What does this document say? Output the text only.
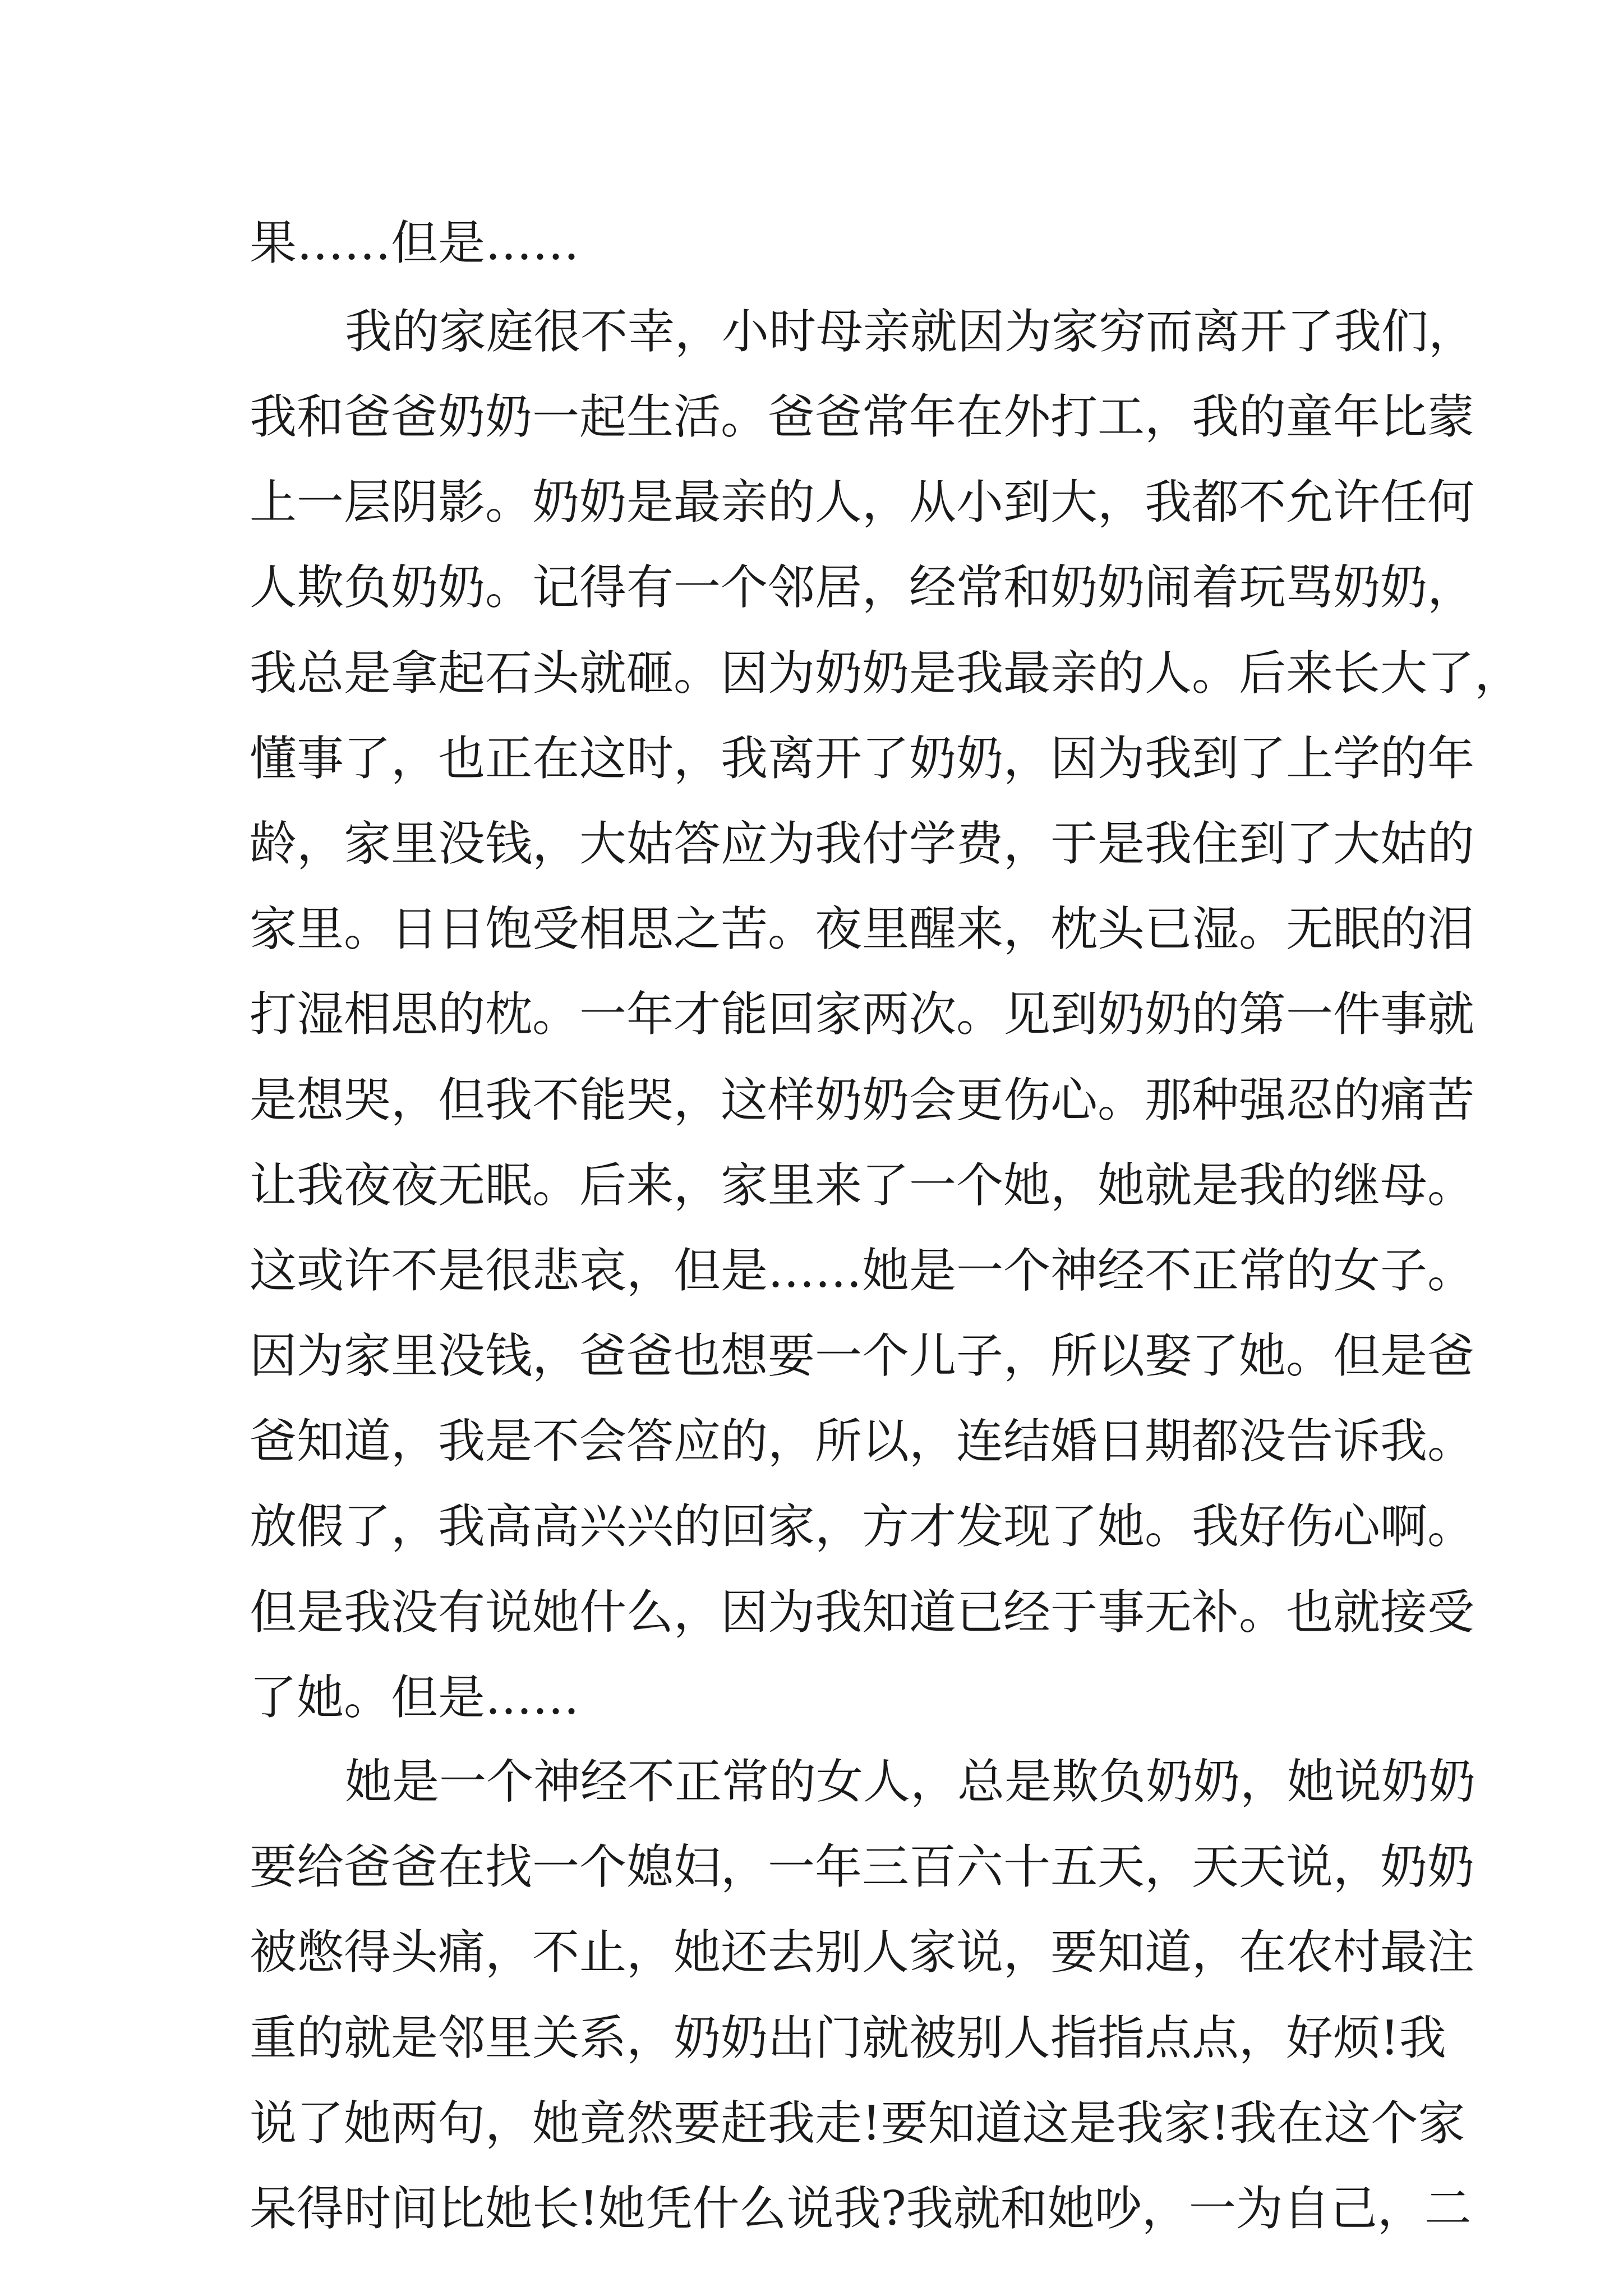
果……但是……
我的家庭很不幸，小时母亲就因为家穷而离开了我们，
我和爸爸奶奶一起生活。爸爸常年在外打工，我的童年比蒙
上一层阴影。奶奶是最亲的人，从小到大，我都不允许任何
人欺负奶奶。记得有一个邻居，经常和奶奶闹着玩骂奶奶，
我总是拿起石头就砸。因为奶奶是我最亲的人。后来长大了，
懂事了，也正在这时，我离开了奶奶，因为我到了上学的年
龄，家里没钱，大姑答应为我付学费，于是我住到了大姑的
家里。日日饱受相思之苦。夜里醒来，枕头已湿。无眠的泪
打湿相思的枕。一年才能回家两次。见到奶奶的第一件事就
是想哭，但我不能哭，这样奶奶会更伤心。那种强忍的痛苦
让我夜夜无眠。后来，家里来了一个她，她就是我的继母。
这或许不是很悲哀，但是……她是一个神经不正常的女子。
因为家里没钱，爸爸也想要一个儿子，所以娶了她。但是爸
爸知道，我是不会答应的，所以，连结婚日期都没告诉我。
放假了，我高高兴兴的回家，方才发现了她。我好伤心啊。
但是我没有说她什么，因为我知道已经于事无补。也就接受
了她。但是……
她是一个神经不正常的女人，总是欺负奶奶，她说奶奶
要给爸爸在找一个媳妇，一年三百六十五天，天天说，奶奶
被憋得头痛，不止，她还去别人家说，要知道，在农村最注
重的就是邻里关系，奶奶出门就被别人指指点点，好烦!我
说了她两句，她竟然要赶我走!要知道这是我家!我在这个家
呆得时间比她长!她凭什么说我?我就和她吵，一为自己，二
